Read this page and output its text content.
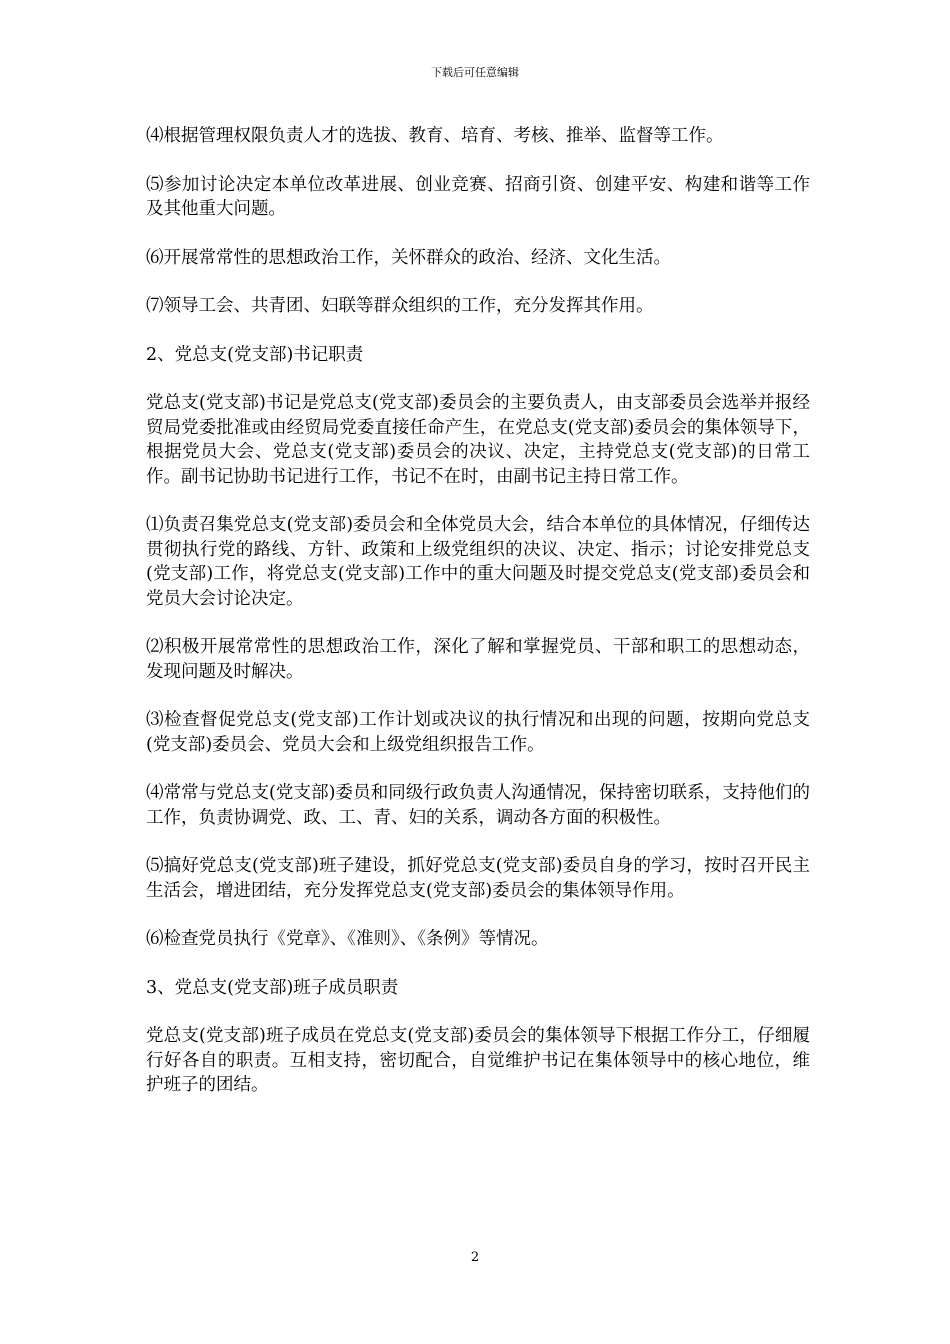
下载后可任意编辑

⑷根据管理权限负责人才的选拔、教育、培育、考核、推举、监督等工作。

⑸参加讨论决定本单位改革进展、创业竞赛、招商引资、创建平安、构建和谐等工作及其他重大问题。

⑹开展常常性的思想政治工作，关怀群众的政治、经济、文化生活。

⑺领导工会、共青团、妇联等群众组织的工作，充分发挥其作用。

2、党总支(党支部)书记职责

党总支(党支部)书记是党总支(党支部)委员会的主要负责人，由支部委员会选举并报经贸局党委批准或由经贸局党委直接任命产生，在党总支(党支部)委员会的集体领导下，根据党员大会、党总支(党支部)委员会的决议、决定，主持党总支(党支部)的日常工作。副书记协助书记进行工作，书记不在时，由副书记主持日常工作。

⑴负责召集党总支(党支部)委员会和全体党员大会，结合本单位的具体情况，仔细传达贯彻执行党的路线、方针、政策和上级党组织的决议、决定、指示；讨论安排党总支(党支部)工作，将党总支(党支部)工作中的重大问题及时提交党总支(党支部)委员会和党员大会讨论决定。

⑵积极开展常常性的思想政治工作，深化了解和掌握党员、干部和职工的思想动态，发现问题及时解决。

⑶检查督促党总支(党支部)工作计划或决议的执行情况和出现的问题，按期向党总支(党支部)委员会、党员大会和上级党组织报告工作。

⑷常常与党总支(党支部)委员和同级行政负责人沟通情况，保持密切联系，支持他们的工作，负责协调党、政、工、青、妇的关系，调动各方面的积极性。

⑸搞好党总支(党支部)班子建设，抓好党总支(党支部)委员自身的学习，按时召开民主生活会，增进团结，充分发挥党总支(党支部)委员会的集体领导作用。

⑹检查党员执行《党章》、《准则》、《条例》等情况。

3、党总支(党支部)班子成员职责

党总支(党支部)班子成员在党总支(党支部)委员会的集体领导下根据工作分工，仔细履行好各自的职责。互相支持，密切配合，自觉维护书记在集体领导中的核心地位，维护班子的团结。

2
